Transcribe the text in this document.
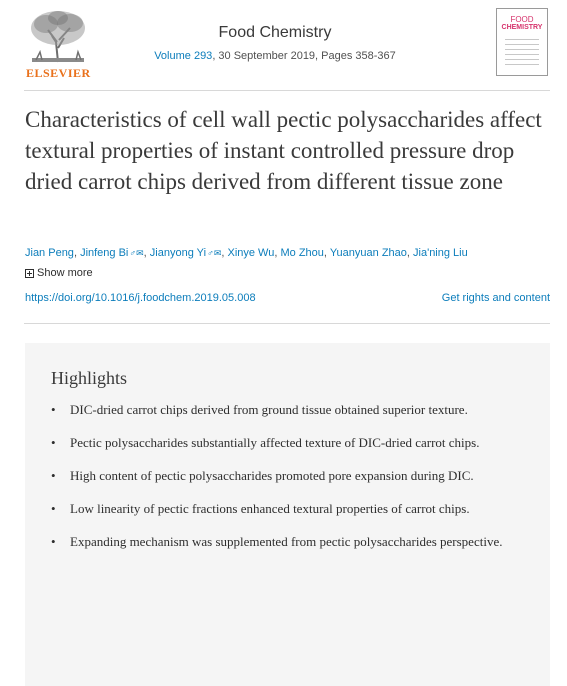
ELSEVIER
Food Chemistry
Volume 293, 30 September 2019, Pages 358-367
FOOD
CHEMISTRY
Characteristics of cell wall pectic polysaccharides affect textural properties of instant controlled pressure drop dried carrot chips derived from different tissue zone
Jian Peng, Jinfeng Bi♂✉, Jianyong Yi♂✉, Xinye Wu, Mo Zhou, Yuanyuan Zhao, Jia'ning Liu
Show more
https://doi.org/10.1016/j.foodchem.2019.05.008	Get rights and content
Highlights
• DIC-dried carrot chips derived from ground tissue obtained superior texture.
• Pectic polysaccharides substantially affected texture of DIC-dried carrot chips.
• High content of pectic polysaccharides promoted pore expansion during DIC.
• Low linearity of pectic fractions enhanced textural properties of carrot chips.
• Expanding mechanism was supplemented from pectic polysaccharides perspective.
